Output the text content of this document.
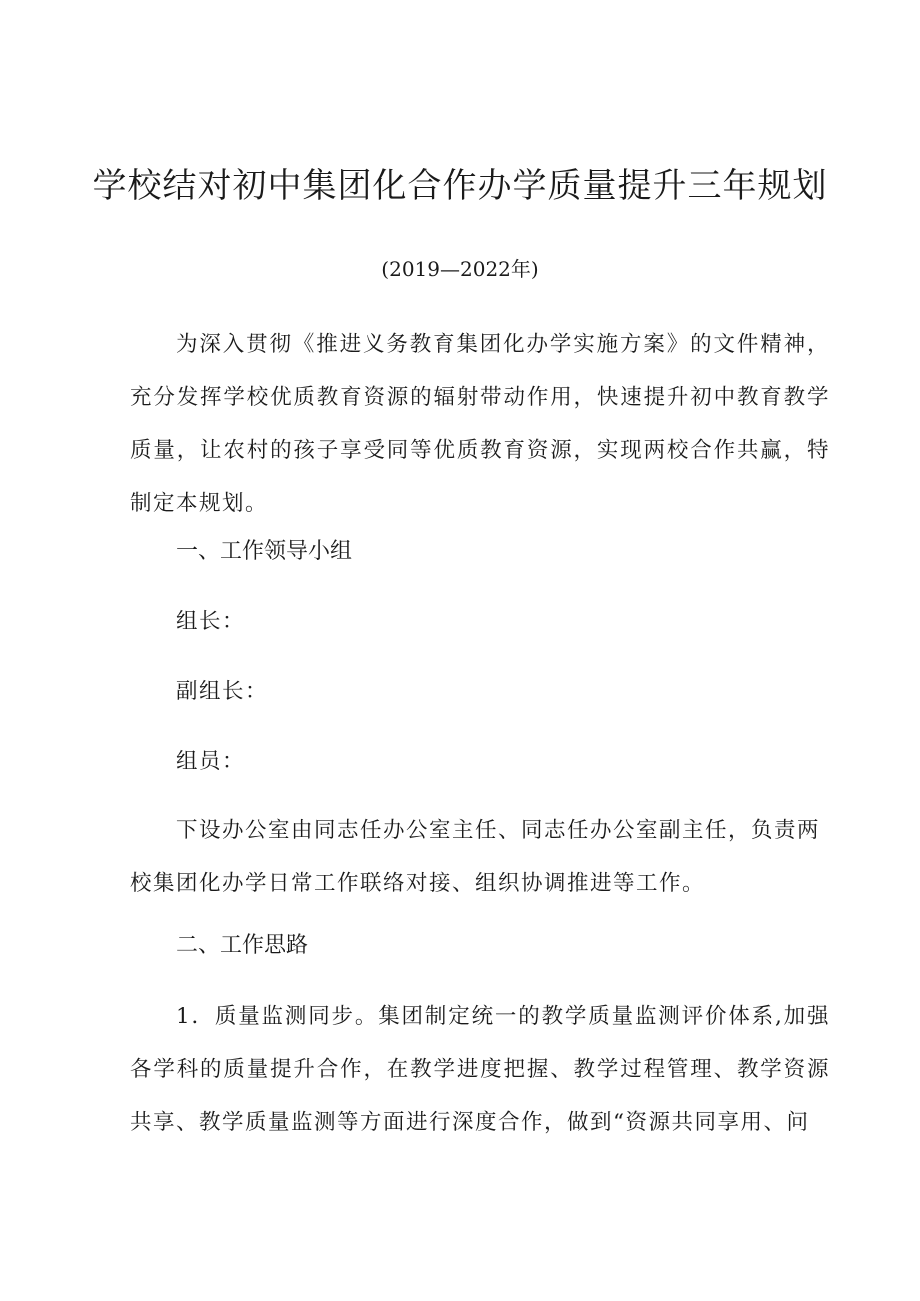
学校结对初中集团化合作办学质量提升三年规划
(2019—2022年)

为深入贯彻《推进义务教育集团化办学实施方案》的文件精神，充分发挥学校优质教育资源的辐射带动作用，快速提升初中教育教学质量，让农村的孩子享受同等优质教育资源，实现两校合作共赢，特制定本规划。

一、工作领导小组
组长：
副组长：
组员：

下设办公室由同志任办公室主任、同志任办公室副主任，负责两校集团化办学日常工作联络对接、组织协调推进等工作。

二、工作思路

1．质量监测同步。集团制定统一的教学质量监测评价体系,加强各学科的质量提升合作，在教学进度把握、教学过程管理、教学资源共享、教学质量监测等方面进行深度合作，做到“资源共同享用、问
